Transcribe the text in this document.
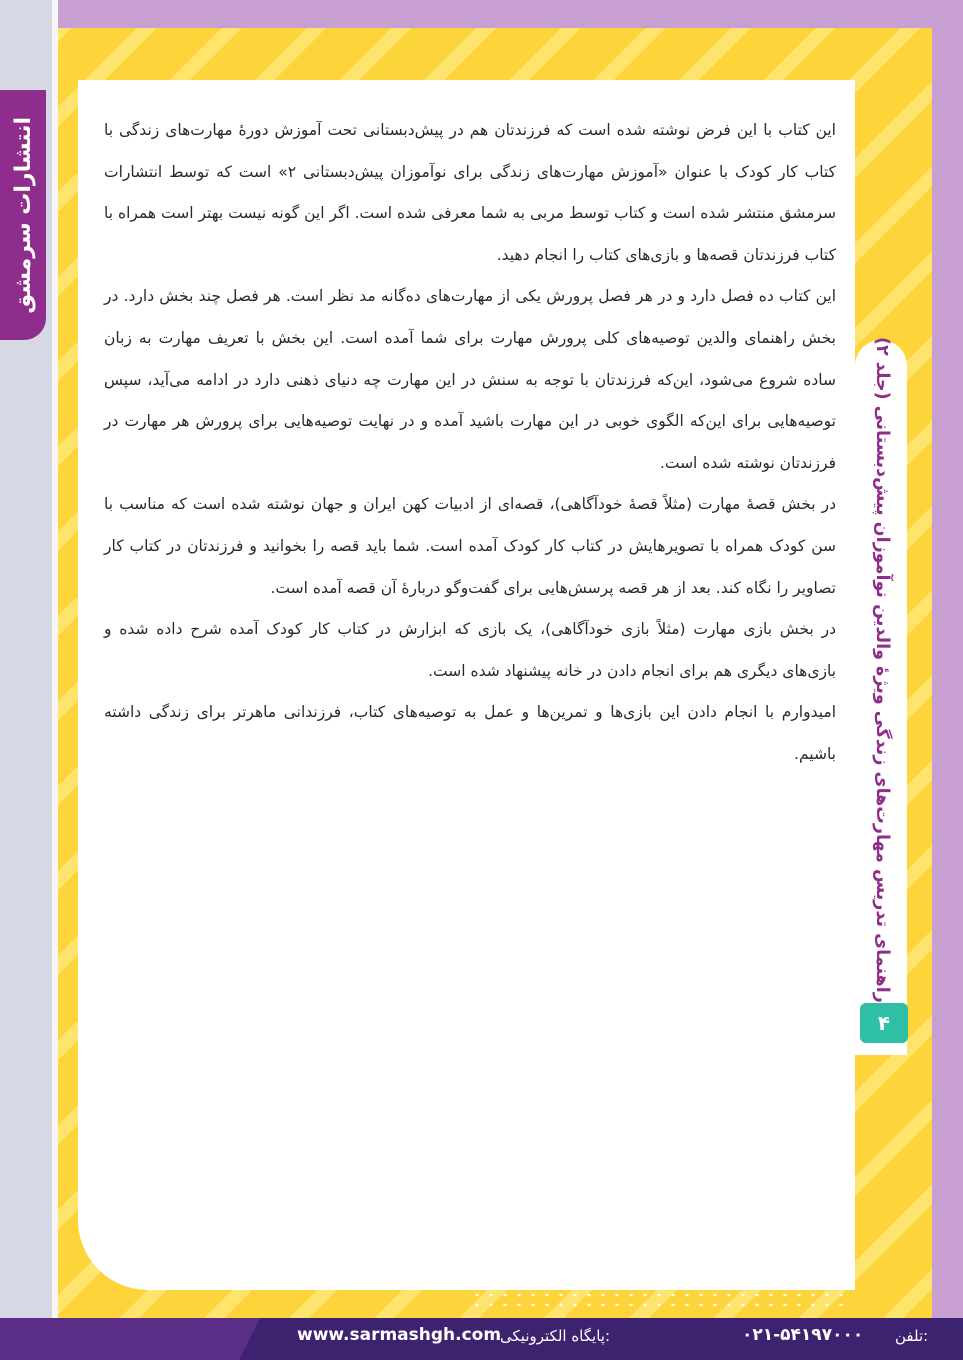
انتشارات سرمشق	این کتاب با این فرض نوشته شده است که فرزندتان هم در پیش‌دبستانی تحت آموزش دورهٔ مهارت‌های زندگی با کتاب کار کودک با عنوان «آموزش مهارت‌های زندگی برای نوآموزان پیش‌دبستانی ۲» است که توسط انتشارات سرمشق منتشر شده است و کتاب توسط مربی به شما معرفی شده است. اگر این گونه نیست بهتر است همراه با کتاب فرزندتان قصه‌ها و بازی‌های کتاب را انجام دهید.

این کتاب ده فصل دارد و در هر فصل پرورش یکی از مهارت‌های ده‌گانه مد نظر است. هر فصل چند بخش دارد. در بخش راهنمای والدین توصیه‌های کلی پرورش مهارت برای شما آمده است. این بخش با تعریف مهارت به زبان ساده شروع می‌شود، این‌که فرزندتان با توجه به سنش در این مهارت چه دنیای ذهنی دارد در ادامه می‌آید، سپس توصیه‌هایی برای این‌که الگوی خوبی در این مهارت باشید آمده و در نهایت توصیه‌هایی برای پرورش هر مهارت در فرزندتان نوشته شده است.

در بخش قصهٔ مهارت (مثلاً قصهٔ خودآگاهی)، قصه‌ای از ادبیات کهن ایران و جهان نوشته شده است که مناسب با سن کودک همراه با تصویرهایش در کتاب کار کودک آمده است. شما باید قصه را بخوانید و فرزندتان در کتاب کار تصاویر را نگاه کند. بعد از هر قصه پرسش‌هایی برای گفت‌وگو دربارهٔ آن قصه آمده است.

در بخش بازی مهارت (مثلاً بازی خودآگاهی)، یک بازی که ابزارش در کتاب کار کودک آمده شرح داده شده و بازی‌های دیگری هم برای انجام دادن در خانه پیشنهاد شده است.

امیدوارم با انجام دادن این بازی‌ها و تمرین‌ها و عمل به توصیه‌های کتاب، فرزندانی ماهرتر برای زندگی داشته باشیم.

راهنمای تدریس مهارت‌های زندگی ویژهٔ والدین نوآموزان پیش‌دبستانی (جلد ۲)
۴
www.sarmashgh.com
پایگاه الکترونیکی:	۰۲۱-۵۴۱۹۷۰۰۰ تلفن:
